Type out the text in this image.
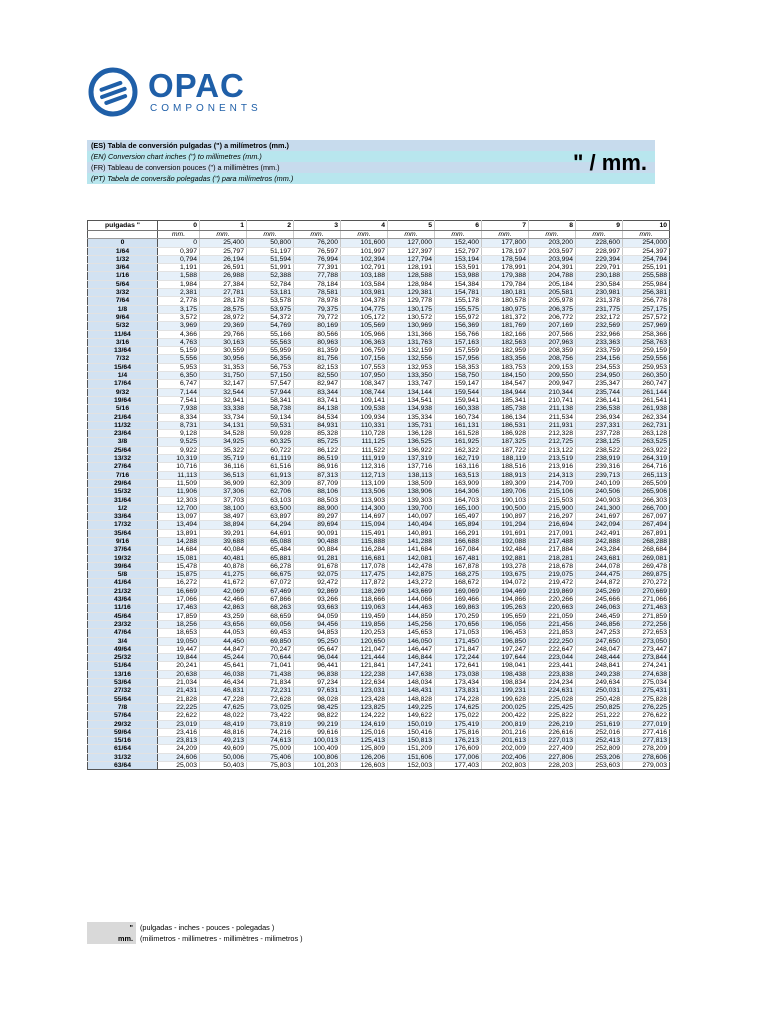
OPAC
COMPONENTS
(ES) Tabla de conversión pulgadas (") a milímetros (mm.)
(EN) Conversion chart inches (") to millimetres (mm.)
(FR) Tableau de conversion pouces (") a millimètres (mm.)
(PT) Tabela de conversão polegadas (") para milímetros (mm.)
" / mm.
pulgadas "	0	1	2	3	4	5	6	7	8	9	10
	mm.	mm.	mm.	mm.	mm.	mm.	mm.	mm.	mm.	mm.	mm.
0	0	25,400	50,800	76,200	101,600	127,000	152,400	177,800	203,200	228,600	254,000
1/64	0,397	25,797	51,197	76,597	101,997	127,397	152,797	178,197	203,597	228,997	254,397
1/32	0,794	26,194	51,594	76,994	102,394	127,794	153,194	178,594	203,994	229,394	254,794
3/64	1,191	26,591	51,991	77,391	102,791	128,191	153,591	178,991	204,391	229,791	255,191
1/16	1,588	26,988	52,388	77,788	103,188	128,588	153,988	179,388	204,788	230,188	255,588
5/64	1,984	27,384	52,784	78,184	103,584	128,984	154,384	179,784	205,184	230,584	255,984
3/32	2,381	27,781	53,181	78,581	103,981	129,381	154,781	180,181	205,581	230,981	256,381
7/64	2,778	28,178	53,578	78,978	104,378	129,778	155,178	180,578	205,978	231,378	256,778
1/8	3,175	28,575	53,975	79,375	104,775	130,175	155,575	180,975	206,375	231,775	257,175
9/64	3,572	28,972	54,372	79,772	105,172	130,572	155,972	181,372	206,772	232,172	257,572
5/32	3,969	29,369	54,769	80,169	105,569	130,969	156,369	181,769	207,169	232,569	257,969
11/64	4,366	29,766	55,166	80,566	105,966	131,366	156,766	182,166	207,566	232,966	258,366
3/16	4,763	30,163	55,563	80,963	106,363	131,763	157,163	182,563	207,963	233,363	258,763
13/64	5,159	30,559	55,959	81,359	106,759	132,159	157,559	182,959	208,359	233,759	259,159
7/32	5,556	30,956	56,356	81,756	107,156	132,556	157,956	183,356	208,756	234,156	259,556
15/64	5,953	31,353	56,753	82,153	107,553	132,953	158,353	183,753	209,153	234,553	259,953
1/4	6,350	31,750	57,150	82,550	107,950	133,350	158,750	184,150	209,550	234,950	260,350
17/64	6,747	32,147	57,547	82,947	108,347	133,747	159,147	184,547	209,947	235,347	260,747
9/32	7,144	32,544	57,944	83,344	108,744	134,144	159,544	184,944	210,344	235,744	261,144
19/64	7,541	32,941	58,341	83,741	109,141	134,541	159,941	185,341	210,741	236,141	261,541
5/16	7,938	33,338	58,738	84,138	109,538	134,938	160,338	185,738	211,138	236,538	261,938
21/64	8,334	33,734	59,134	84,534	109,934	135,334	160,734	186,134	211,534	236,934	262,334
11/32	8,731	34,131	59,531	84,931	110,331	135,731	161,131	186,531	211,931	237,331	262,731
23/64	9,128	34,528	59,928	85,328	110,728	136,128	161,528	186,928	212,328	237,728	263,128
3/8	9,525	34,925	60,325	85,725	111,125	136,525	161,925	187,325	212,725	238,125	263,525
25/64	9,922	35,322	60,722	86,122	111,522	136,922	162,322	187,722	213,122	238,522	263,922
13/32	10,319	35,719	61,119	86,519	111,919	137,319	162,719	188,119	213,519	238,919	264,319
27/64	10,716	36,116	61,516	86,916	112,316	137,716	163,116	188,516	213,916	239,316	264,716
7/16	11,113	36,513	61,913	87,313	112,713	138,113	163,513	188,913	214,313	239,713	265,113
29/64	11,509	36,909	62,309	87,709	113,109	138,509	163,909	189,309	214,709	240,109	265,509
15/32	11,906	37,306	62,706	88,106	113,506	138,906	164,306	189,706	215,106	240,506	265,906
31/64	12,303	37,703	63,103	88,503	113,903	139,303	164,703	190,103	215,503	240,903	266,303
1/2	12,700	38,100	63,500	88,900	114,300	139,700	165,100	190,500	215,900	241,300	266,700
33/64	13,097	38,497	63,897	89,297	114,697	140,097	165,497	190,897	216,297	241,697	267,097
17/32	13,494	38,894	64,294	89,694	115,094	140,494	165,894	191,294	216,694	242,094	267,494
35/64	13,891	39,291	64,691	90,091	115,491	140,891	166,291	191,691	217,091	242,491	267,891
9/16	14,288	39,688	65,088	90,488	115,888	141,288	166,688	192,088	217,488	242,888	268,288
37/64	14,684	40,084	65,484	90,884	116,284	141,684	167,084	192,484	217,884	243,284	268,684
19/32	15,081	40,481	65,881	91,281	116,681	142,081	167,481	192,881	218,281	243,681	269,081
39/64	15,478	40,878	66,278	91,678	117,078	142,478	167,878	193,278	218,678	244,078	269,478
5/8	15,875	41,275	66,675	92,075	117,475	142,875	168,275	193,675	219,075	244,475	269,875
41/64	16,272	41,672	67,072	92,472	117,872	143,272	168,672	194,072	219,472	244,872	270,272
21/32	16,669	42,069	67,469	92,869	118,269	143,669	169,069	194,469	219,869	245,269	270,669
43/64	17,066	42,466	67,866	93,266	118,666	144,066	169,466	194,866	220,266	245,666	271,066
11/16	17,463	42,863	68,263	93,663	119,063	144,463	169,863	195,263	220,663	246,063	271,463
45/64	17,859	43,259	68,659	94,059	119,459	144,859	170,259	195,659	221,059	246,459	271,859
23/32	18,256	43,656	69,056	94,456	119,856	145,256	170,656	196,056	221,456	246,856	272,256
47/64	18,653	44,053	69,453	94,853	120,253	145,653	171,053	196,453	221,853	247,253	272,653
3/4	19,050	44,450	69,850	95,250	120,650	146,050	171,450	196,850	222,250	247,650	273,050
49/64	19,447	44,847	70,247	95,647	121,047	146,447	171,847	197,247	222,647	248,047	273,447
25/32	19,844	45,244	70,644	96,044	121,444	146,844	172,244	197,644	223,044	248,444	273,844
51/64	20,241	45,641	71,041	96,441	121,841	147,241	172,641	198,041	223,441	248,841	274,241
13/16	20,638	46,038	71,438	96,838	122,238	147,638	173,038	198,438	223,838	249,238	274,638
53/64	21,034	46,434	71,834	97,234	122,634	148,034	173,434	198,834	224,234	249,634	275,034
27/32	21,431	46,831	72,231	97,631	123,031	148,431	173,831	199,231	224,631	250,031	275,431
55/64	21,828	47,228	72,628	98,028	123,428	148,828	174,228	199,628	225,028	250,428	275,828
7/8	22,225	47,625	73,025	98,425	123,825	149,225	174,625	200,025	225,425	250,825	276,225
57/64	22,622	48,022	73,422	98,822	124,222	149,622	175,022	200,422	225,822	251,222	276,622
29/32	23,019	48,419	73,819	99,219	124,619	150,019	175,419	200,819	226,219	251,619	277,019
59/64	23,416	48,816	74,216	99,616	125,016	150,416	175,816	201,216	226,616	252,016	277,416
15/16	23,813	49,213	74,613	100,013	125,413	150,813	176,213	201,613	227,013	252,413	277,813
61/64	24,209	49,609	75,009	100,409	125,809	151,209	176,609	202,009	227,409	252,809	278,209
31/32	24,606	50,006	75,406	100,806	126,206	151,606	177,006	202,406	227,806	253,206	278,606
63/64	25,003	50,403	75,803	101,203	126,603	152,003	177,403	202,803	228,203	253,603	279,003
" (pulgadas - inches - pouces - polegadas )
mm. (milimetros - millimetres - millimètres - milimetros )
